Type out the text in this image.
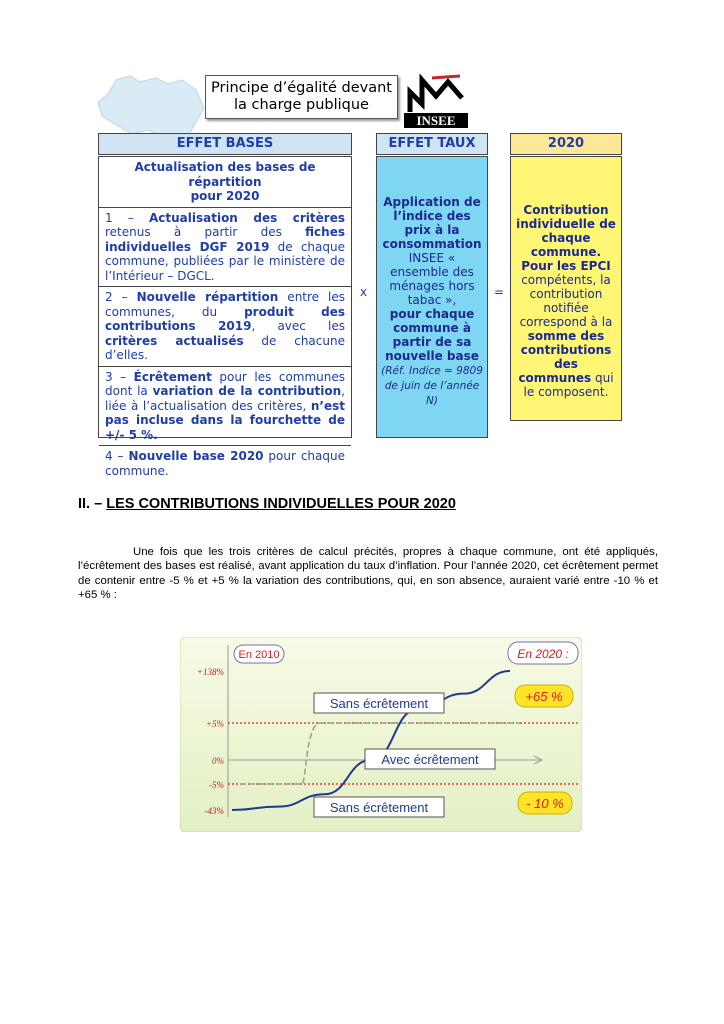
Principe d’égalité devant
la charge publique
INSEE
EFFET BASES
Actualisation des bases de répartition
pour 2020
1 – Actualisation des critères retenus à partir des fiches individuelles DGF 2019 de chaque commune, publiées par le ministère de l’Intérieur – DGCL.
2 – Nouvelle répartition entre les communes, du produit des contributions 2019, avec les critères actualisés de chacune d’elles.
3 – Écrêtement pour les communes dont la variation de la contribution, liée à l’actualisation des critères, n’est pas incluse dans la fourchette de +/- 5 %.
4 – Nouvelle base 2020 pour chaque commune.
x	=
EFFET TAUX
Application de l’indice des prix à la consommation
INSEE « ensemble des ménages hors tabac »,
pour chaque commune à partir de sa nouvelle base
(Réf. Indice = 9809 de juin de l’année N)
2020
Contribution individuelle de chaque commune. Pour les EPCI compétents, la contribution notifiée correspond à la somme des contributions des communes qui le composent.
II. – LES CONTRIBUTIONS INDIVIDUELLES POUR 2020
Une fois que les trois critères de calcul précités, propres à chaque commune, ont été appliqués, l’écrêtement des bases est réalisé, avant application du taux d’inflation. Pour l’année 2020, cet écrêtement permet de contenir entre -5 % et +5 % la variation des contributions, qui, en son absence, auraient varié entre -10 % et +65 % :
+138%
+5%
0%
-5%
-43%
En 2010	En 2020 :
+65 %
- 10 %
Sans écrêtement
Avec écrêtement
Sans écrêtement
